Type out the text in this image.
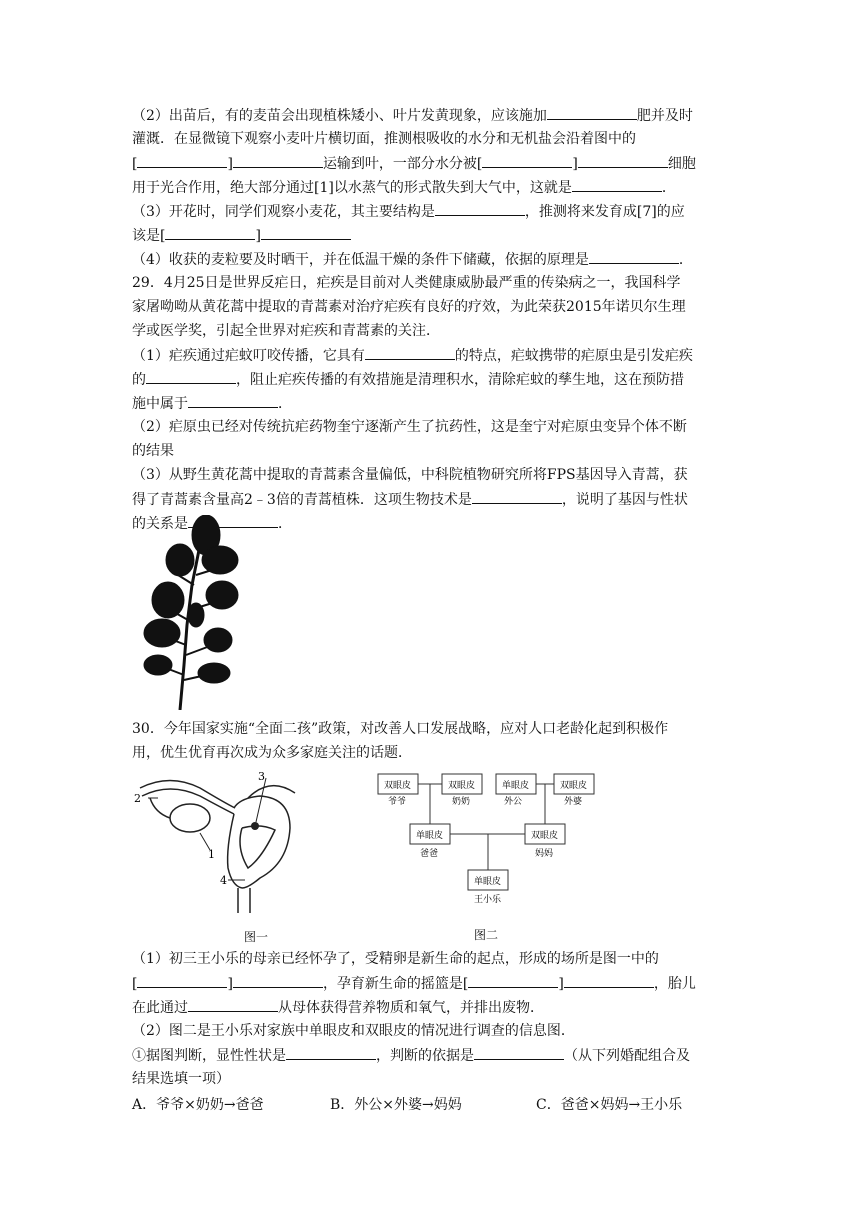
（2）出苗后，有的麦苗会出现植株矮小、叶片发黄现象，应该施加	肥并及时
灌溉．在显微镜下观察小麦叶片横切面，推测根吸收的水分和无机盐会沿着图中的
[	]	运输到叶，一部分水分被[	]	细胞
用于光合作用，绝大部分通过[1]以水蒸气的形式散失到大气中，这就是	．
（3）开花时，同学们观察小麦花，其主要结构是	，推测将来发育成[7]的应
该是[	]
（4）收获的麦粒要及时晒干，并在低温干燥的条件下储藏，依据的原理是	．
29．4月25日是世界反疟日，疟疾是目前对人类健康威胁最严重的传染病之一，我国科学
家屠呦呦从黄花蒿中提取的青蒿素对治疗疟疾有良好的疗效，为此荣获2015年诺贝尔生理
学或医学奖，引起全世界对疟疾和青蒿素的关注．
（1）疟疾通过疟蚊叮咬传播，它具有	的特点，疟蚊携带的疟原虫是引发疟疾
的	，阻止疟疾传播的有效措施是清理积水，清除疟蚊的孳生地，这在预防措
施中属于	．
（2）疟原虫已经对传统抗疟药物奎宁逐渐产生了抗药性，这是奎宁对疟原虫变异个体不断
的结果
（3）从野生黄花蒿中提取的青蒿素含量偏低，中科院植物研究所将FPS基因导入青蒿，获
得了青蒿素含量高2﹣3倍的青蒿植株．这项生物技术是	，说明了基因与性状
的关系是	．
30．今年国家实施“全面二孩”政策，对改善人口发展战略，应对人口老龄化起到积极作
用，优生优育再次成为众多家庭关注的话题．
3
2
1
4
图一
双眼皮
爷爷
双眼皮
奶奶
单眼皮
外公
双眼皮
外婆
单眼皮
爸爸
双眼皮
妈妈
单眼皮
王小乐
图二
（1）初三王小乐的母亲已经怀孕了，受精卵是新生命的起点，形成的场所是图一中的
[	]	，孕育新生命的摇篮是[	]	，胎儿
在此通过	从母体获得营养物质和氧气，并排出废物．
（2）图二是王小乐对家族中单眼皮和双眼皮的情况进行调查的信息图．
①据图判断，显性性状是	，判断的依据是	（从下列婚配组合及
结果选填一项）
A．爷爷×奶奶→爸爸	B．外公×外婆→妈妈	C．爸爸×妈妈→王小乐
